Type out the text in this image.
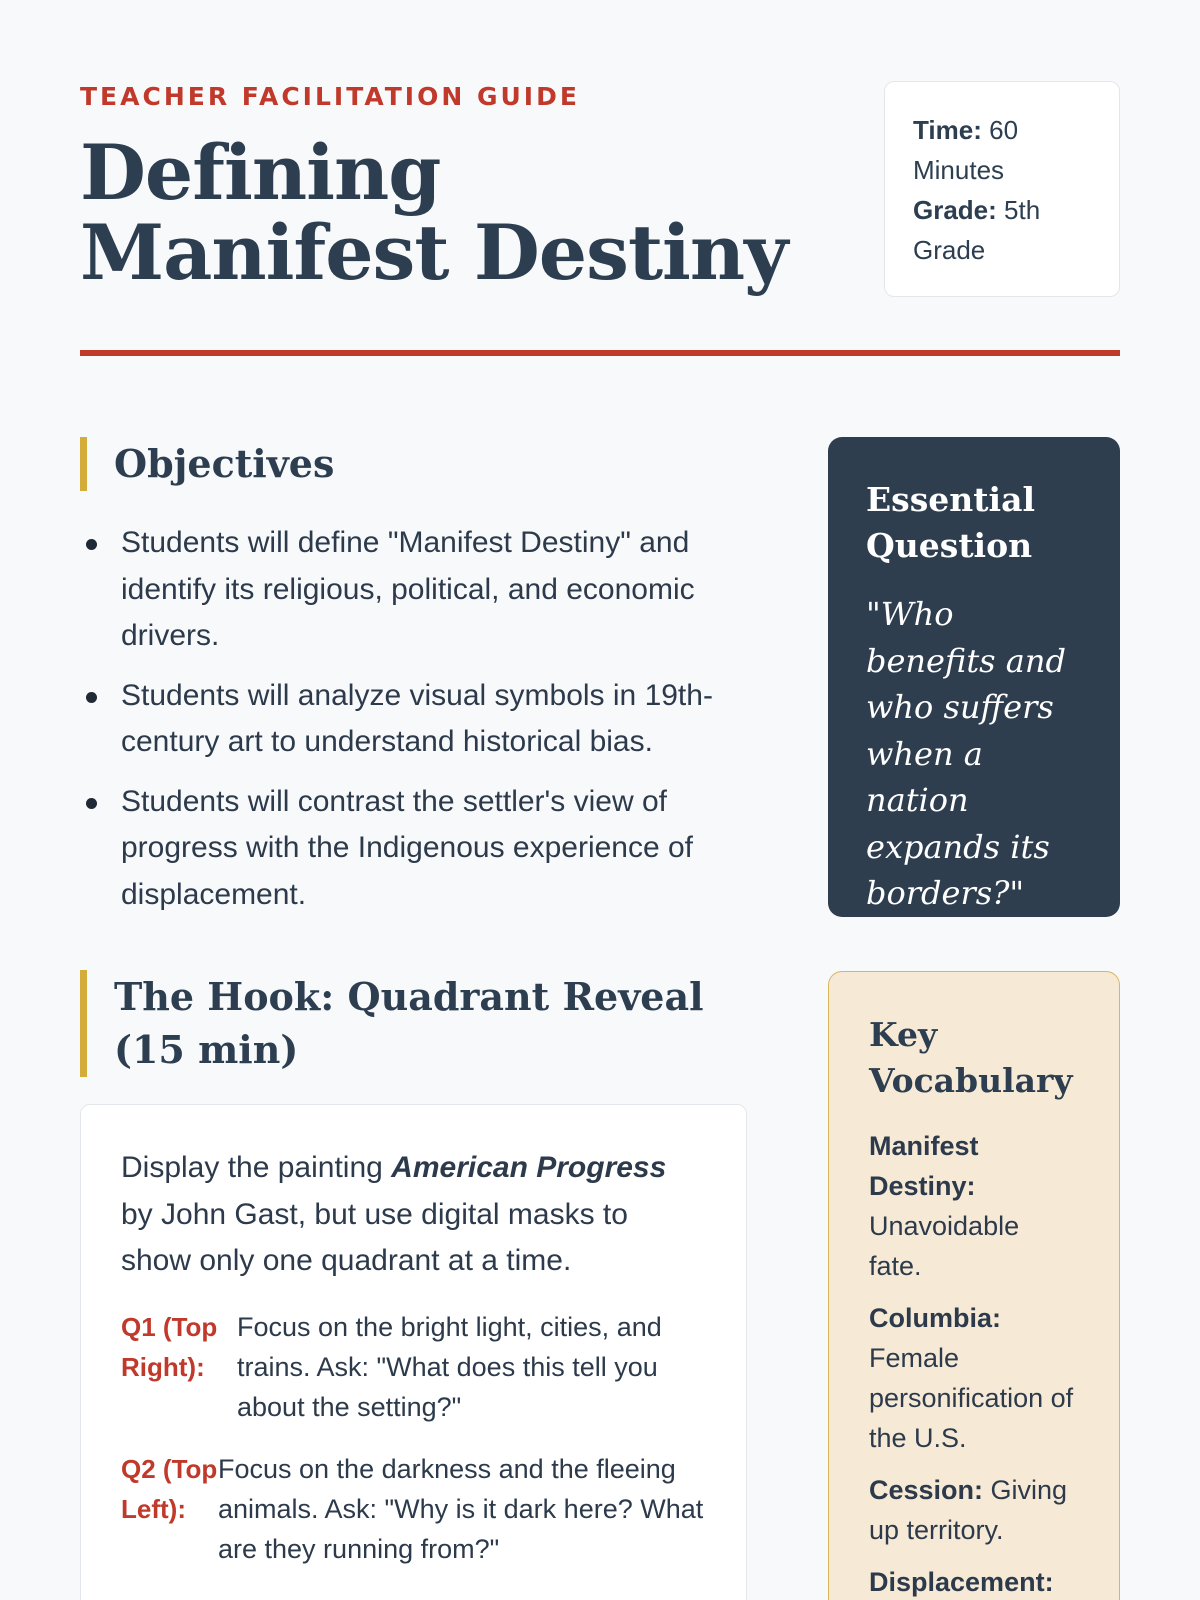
TEACHER FACILITATION GUIDE
Defining Manifest Destiny
Time: 60 Minutes
Grade: 5th Grade
Objectives
Students will define "Manifest Destiny" and identify its religious, political, and economic drivers.
Students will analyze visual symbols in 19th-century art to understand historical bias.
Students will contrast the settler's view of progress with the Indigenous experience of displacement.
Essential Question
"Who benefits and who suffers when a nation expands its borders?"
The Hook: Quadrant Reveal (15 min)

Display the painting American Progress by John Gast, but use digital masks to show only one quadrant at a time.

Q1 (Top Right):
Focus on the bright light, cities, and trains. Ask: "What does this tell you about the setting?"
Q2 (Top Left):
Focus on the darkness and the fleeing animals. Ask: "Why is it dark here? What are they running from?"
Key Vocabulary
Manifest Destiny: Unavoidable fate.
Columbia: Female personification of the U.S.
Cession: Giving up territory.
Displacement:
